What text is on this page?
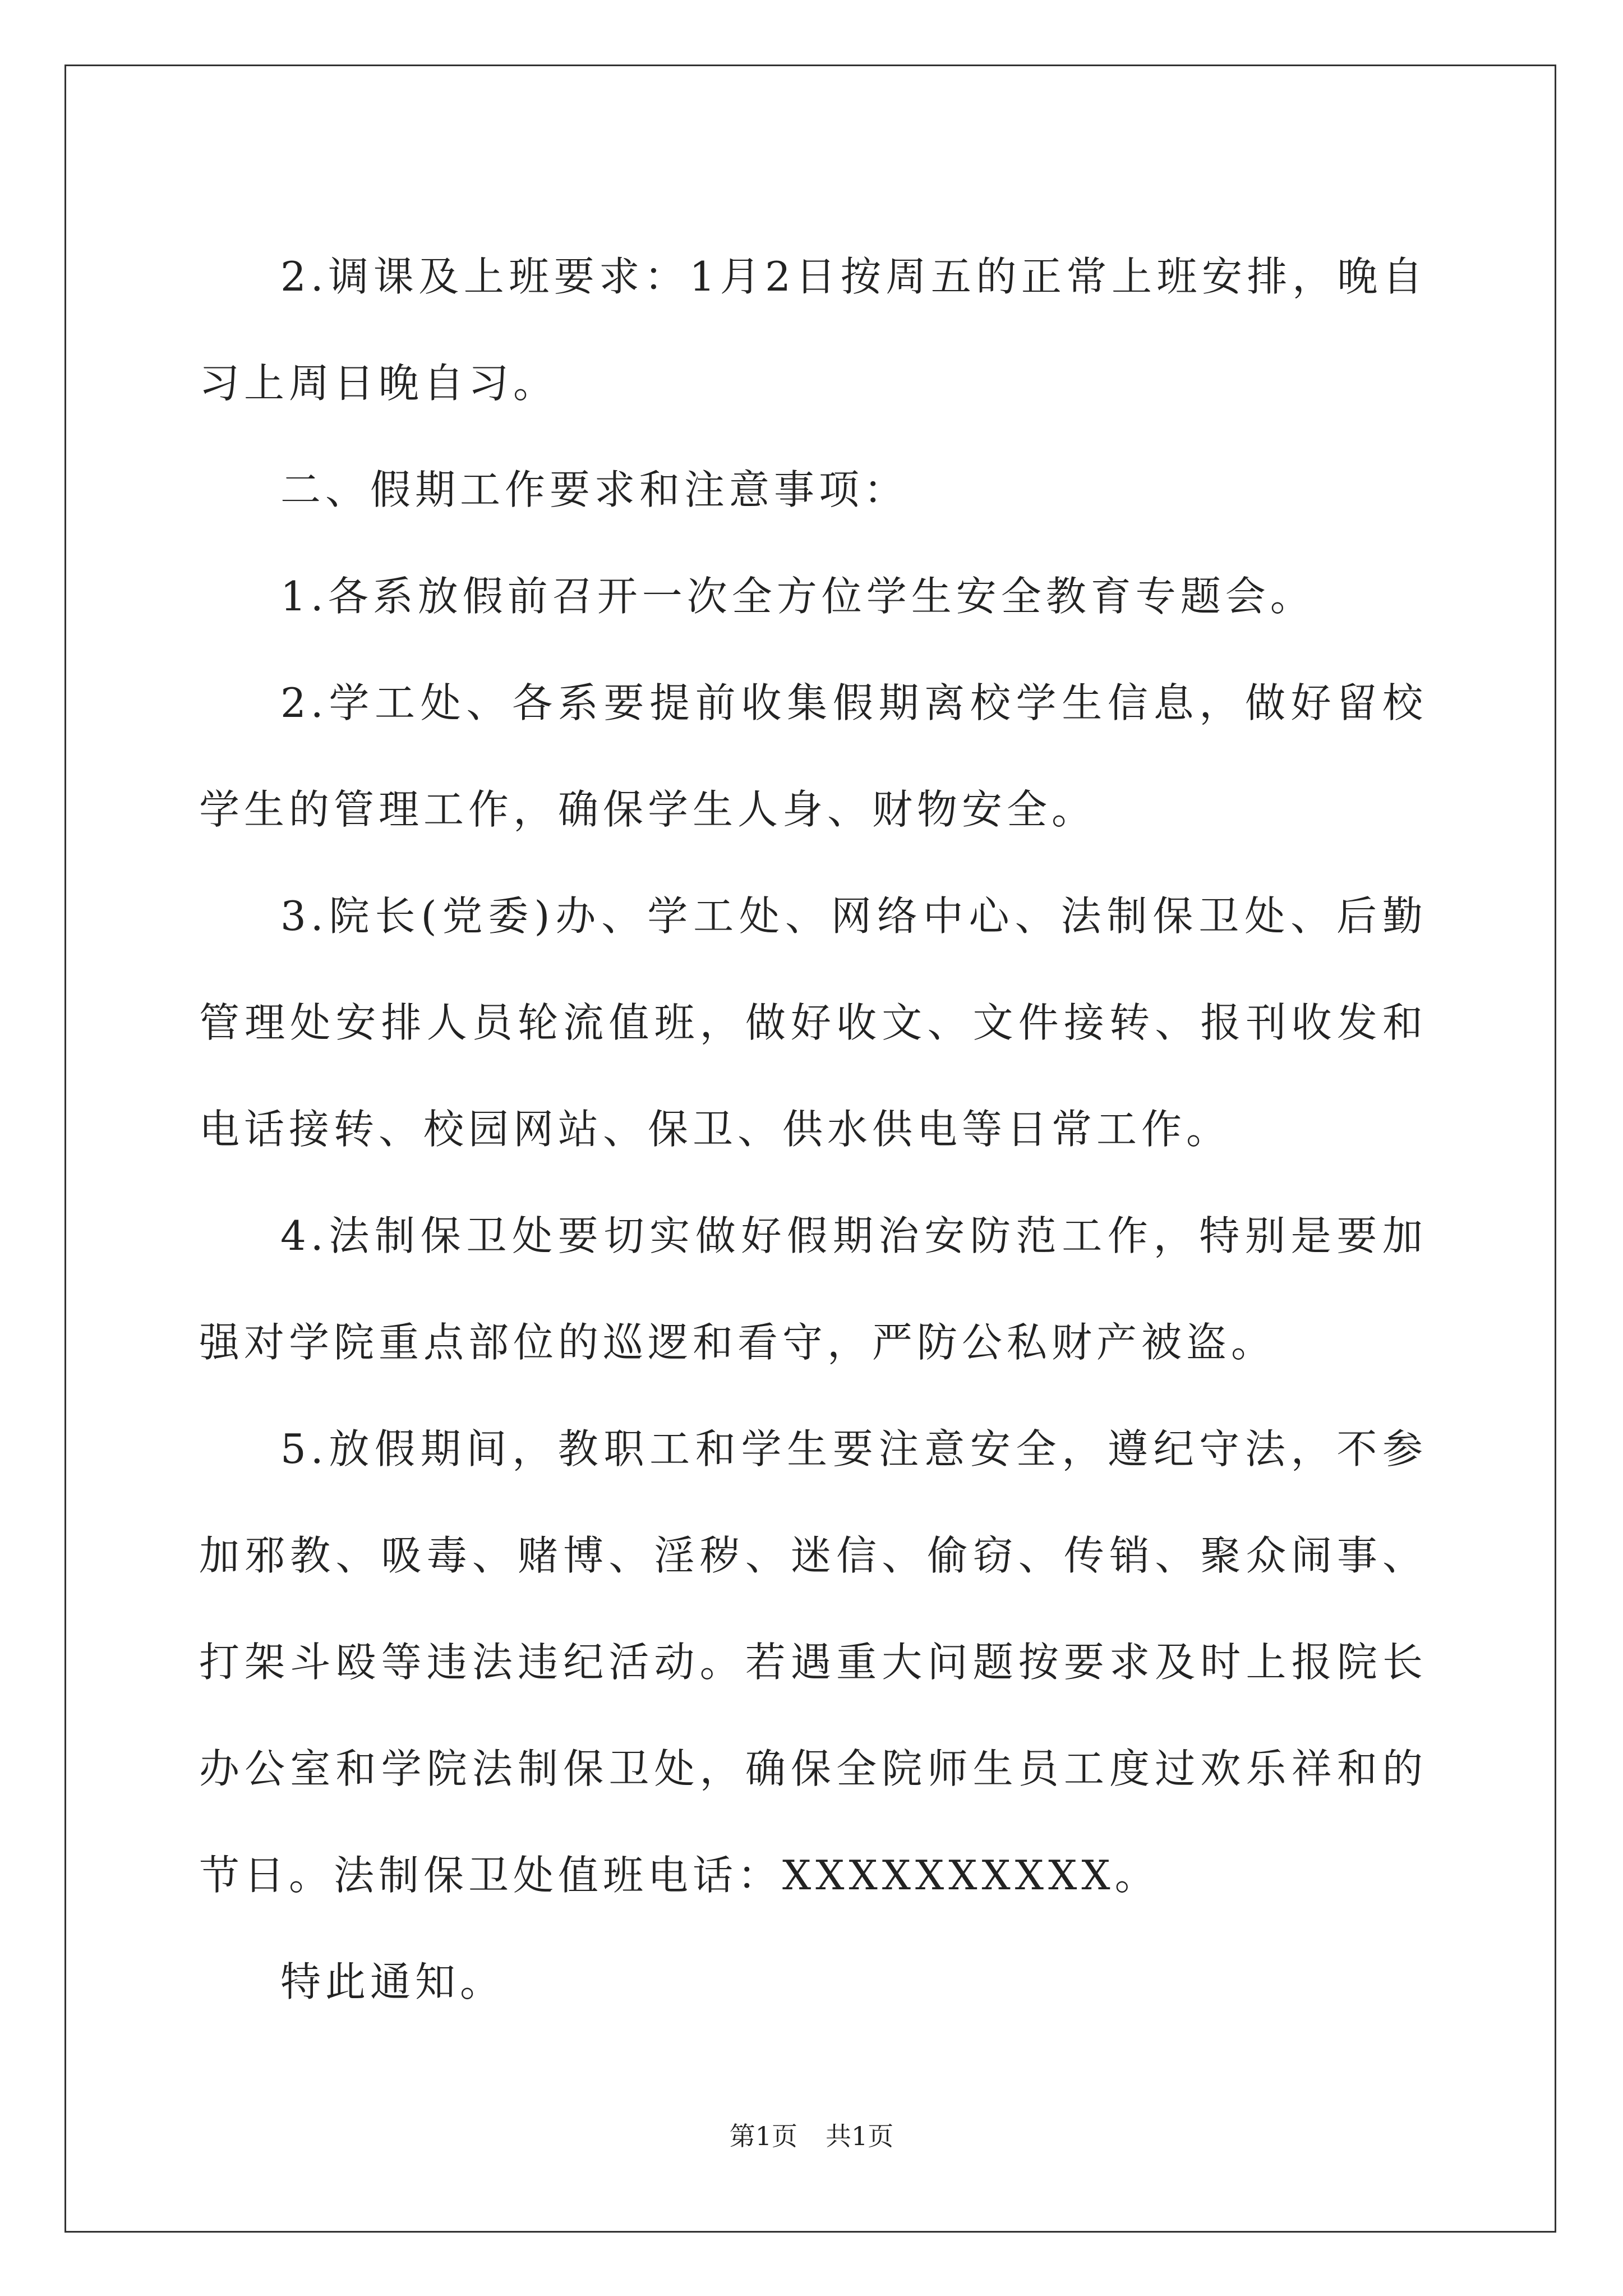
2.调课及上班要求：1月2日按周五的正常上班安排，晚自习上周日晚自习。

二、假期工作要求和注意事项：

1.各系放假前召开一次全方位学生安全教育专题会。

2.学工处、各系要提前收集假期离校学生信息，做好留校学生的管理工作，确保学生人身、财物安全。

3.院长(党委)办、学工处、网络中心、法制保卫处、后勤管理处安排人员轮流值班，做好收文、文件接转、报刊收发和电话接转、校园网站、保卫、供水供电等日常工作。

4.法制保卫处要切实做好假期治安防范工作，特别是要加强对学院重点部位的巡逻和看守，严防公私财产被盗。

5.放假期间，教职工和学生要注意安全，遵纪守法，不参加邪教、吸毒、赌博、淫秽、迷信、偷窃、传销、聚众闹事、打架斗殴等违法违纪活动。若遇重大问题按要求及时上报院长办公室和学院法制保卫处，确保全院师生员工度过欢乐祥和的节日。法制保卫处值班电话：XXXXXXXXXX。

特此通知。

第1页 共1页
